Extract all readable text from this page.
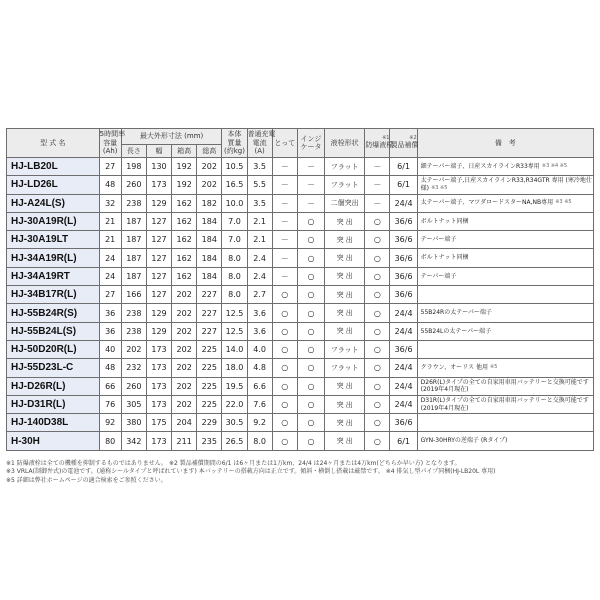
型 式 名	5時間率
容量
(Ah)	最大外形寸法 (mm)				本体
質量
(約kg)	普通充電
電流
(A)	とって	インジ
ケータ	液栓形状	※1
防爆液栓	※2
製品補償	備　考
		長さ	幅	箱高	総高								
HJ-LB20L	27	198	130	192	202	10.5	3.5	－	－	フラット	－	6/1	細テーパー端子、日産スカイラインR33専用 $^{※3 ※4 ※5}$
HJ-LD26L	48	260	173	192	202	16.5	5.5	－	－	フラット	－	6/1	太テーパー端子,日産スカイラインR33,R34GTR 専用 (寒冷地仕様) $^{※3 ※5}$
HJ-A24L(S)	32	238	129	162	182	10.0	3.5	－	－	二個突出	－	24/4	太テーパー端子、マツダロードスターNA,NB専用 $^{※3 ※5}$
HJ-30A19R(L)	21	187	127	162	184	7.0	2.1	－	○	突 出	○	36/6	ボルトナット同梱
HJ-30A19LT	21	187	127	162	184	7.0	2.1	－	○	突 出	○	36/6	テーパー端子
HJ-34A19R(L)	24	187	127	162	184	8.0	2.4	－	○	突 出	○	36/6	ボルトナット同梱
HJ-34A19RT	24	187	127	162	184	8.0	2.4	－	○	突 出	○	36/6	テーパー端子
HJ-34B17R(L)	27	166	127	202	227	8.0	2.7	○	○	突 出	○	36/6	
HJ-55B24R(S)	36	238	129	202	227	12.5	3.6	○	○	突 出	○	24/4	55B24Rの太テーパー端子
HJ-55B24L(S)	36	238	129	202	227	12.5	3.6	○	○	突 出	○	24/4	55B24Lの太テーパー端子
HJ-50D20R(L)	40	202	173	202	225	14.0	4.0	○	○	フラット	○	36/6	
HJ-55D23L-C	48	232	173	202	225	18.0	4.8	○	○	フラット	○	24/4	クラウン、オーリス 他用 $^{※5}$
HJ-D26R(L)	66	260	173	202	225	19.5	6.6	○	○	突 出	○	24/4	D26R(L)タイプの全ての自家用車用バッテリーと交換可能です(2019年4月現在)
HJ-D31R(L)	76	305	173	202	225	22.0	7.6	○	○	突 出	○	24/4	D31R(L)タイプの全ての自家用車用バッテリーと交換可能です(2019年4月現在)
HJ-140D38L	92	380	175	204	229	30.5	9.2	○	○	突 出	○	36/6	
H-30H	80	342	173	211	235	26.5	8.0	○	○	突 出	○	6/1	GYN-30HRYの逆端子 (Rタイプ)
※1 防爆液栓は全ての機種を抑制するものではありません。 ※2 製品補償期間の6/1 は6ヶ月または1万km、24/4 は24ヶ月または4万km(どちらか早い方) となります。
※3 VRLA(制御弁式)の電池です。(通称シールタイプと呼ばれています) 本バッテリーの搭載方向は正立です。傾斜・横倒し搭載は厳禁です。 ※4 排気し型パイプ同梱(HJ-LB20L 専用)
※5 詳細は弊社ホームページの適合検索をご参照ください。
